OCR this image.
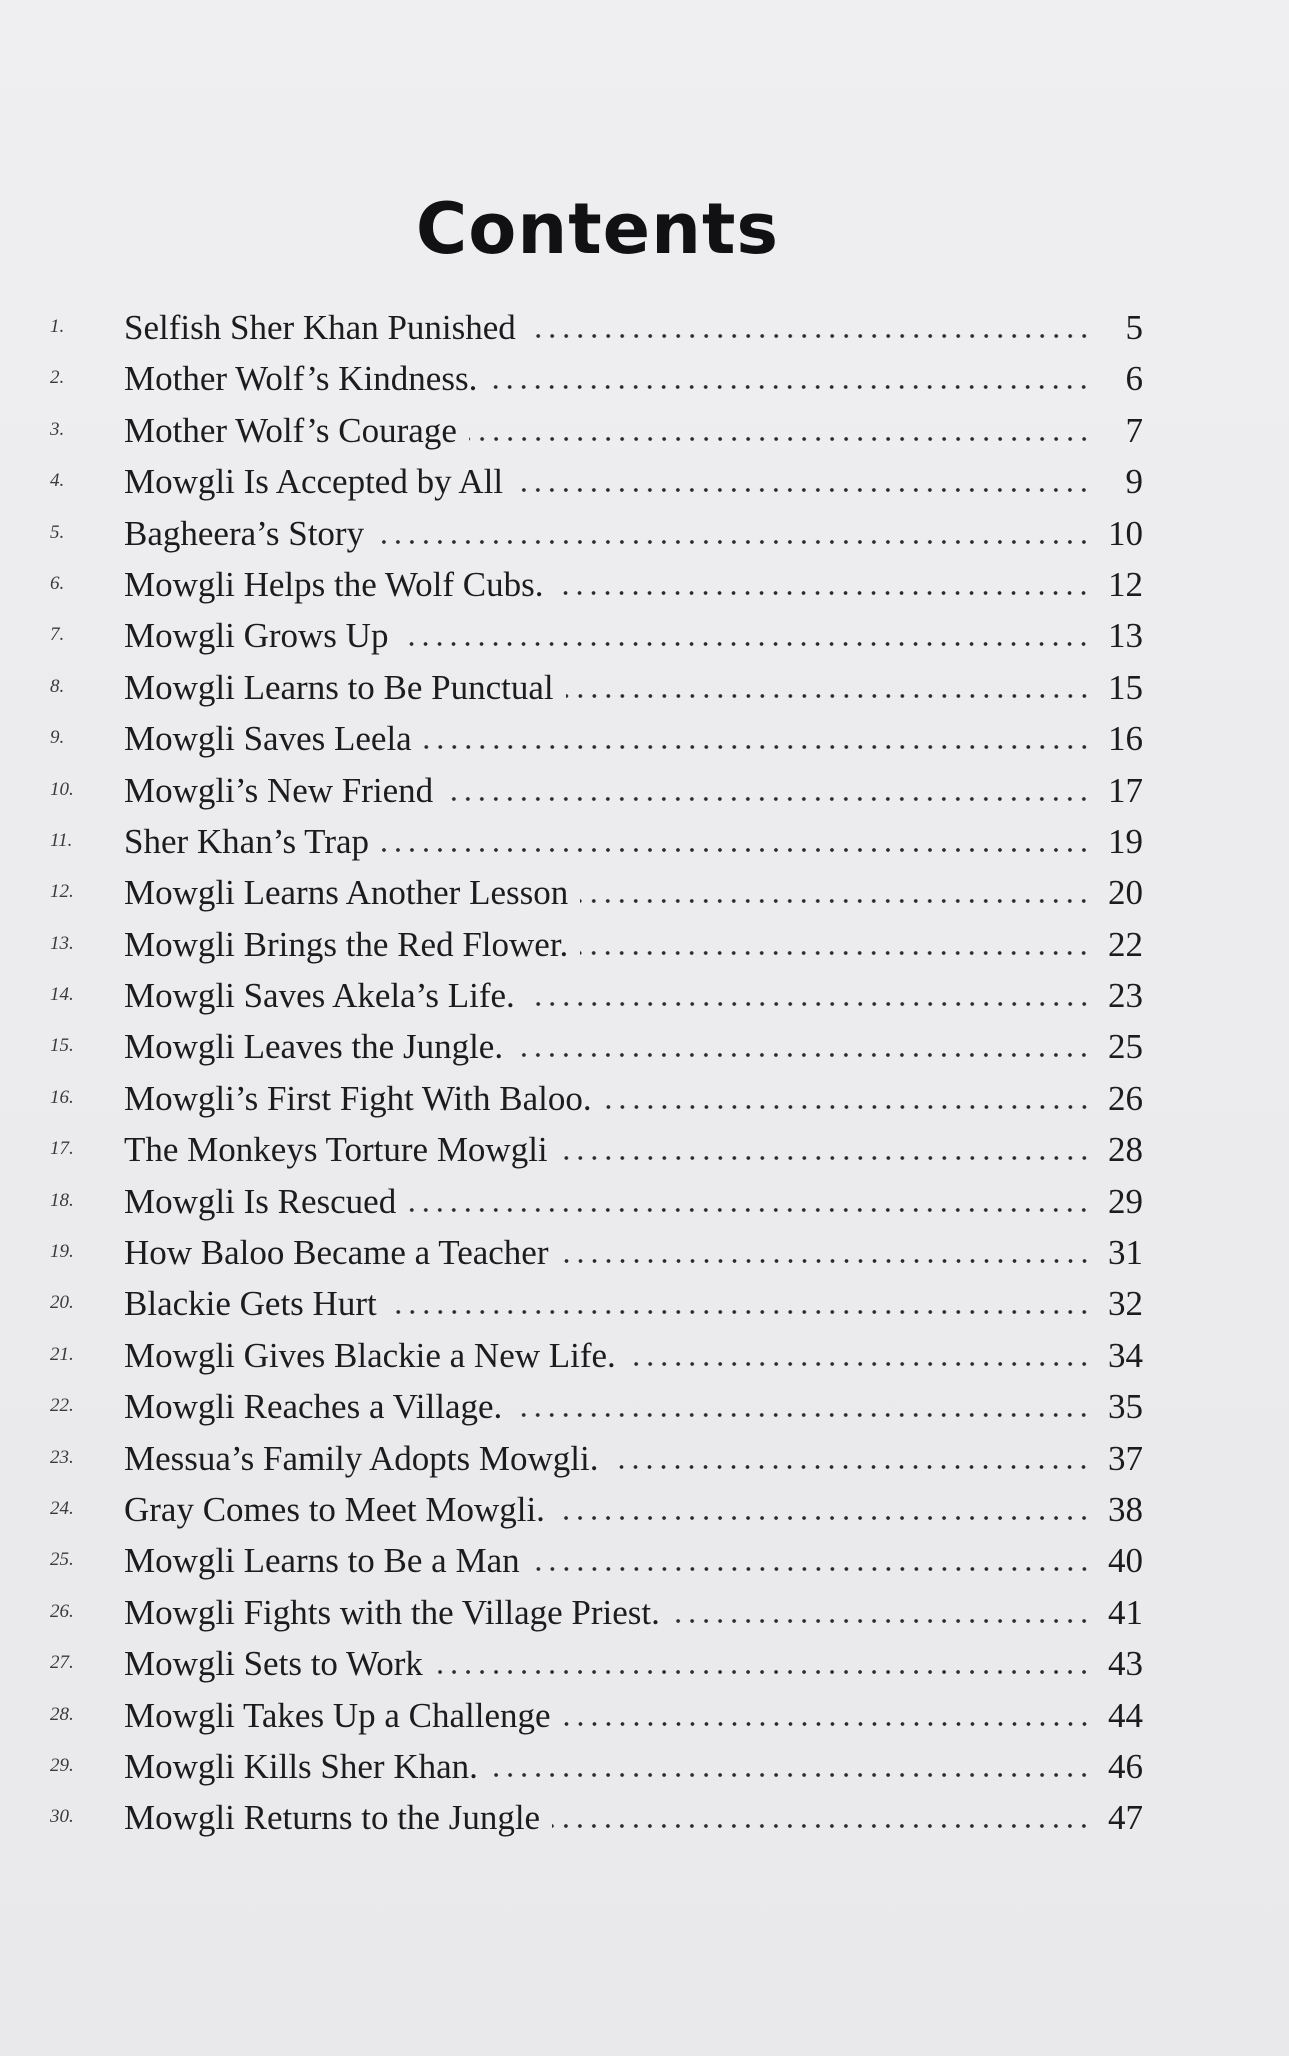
Contents
1.	Selfish Sher Khan Punished	5
2.	Mother Wolf’s Kindness.	6
3.	Mother Wolf’s Courage	7
4.	Mowgli Is Accepted by All	9
5.	Bagheera’s Story	10
6.	Mowgli Helps the Wolf Cubs.	12
7.	Mowgli Grows Up	13
8.	Mowgli Learns to Be Punctual	15
9.	Mowgli Saves Leela	16
10.	Mowgli’s New Friend	17
11.	Sher Khan’s Trap	19
12.	Mowgli Learns Another Lesson	20
13.	Mowgli Brings the Red Flower.	22
14.	Mowgli Saves Akela’s Life.	23
15.	Mowgli Leaves the Jungle.	25
16.	Mowgli’s First Fight With Baloo.	26
17.	The Monkeys Torture Mowgli	28
18.	Mowgli Is Rescued	29
19.	How Baloo Became a Teacher	31
20.	Blackie Gets Hurt	32
21.	Mowgli Gives Blackie a New Life.	34
22.	Mowgli Reaches a Village.	35
23.	Messua’s Family Adopts Mowgli.	37
24.	Gray Comes to Meet Mowgli.	38
25.	Mowgli Learns to Be a Man	40
26.	Mowgli Fights with the Village Priest.	41
27.	Mowgli Sets to Work	43
28.	Mowgli Takes Up a Challenge	44
29.	Mowgli Kills Sher Khan.	46
30.	Mowgli Returns to the Jungle	47
